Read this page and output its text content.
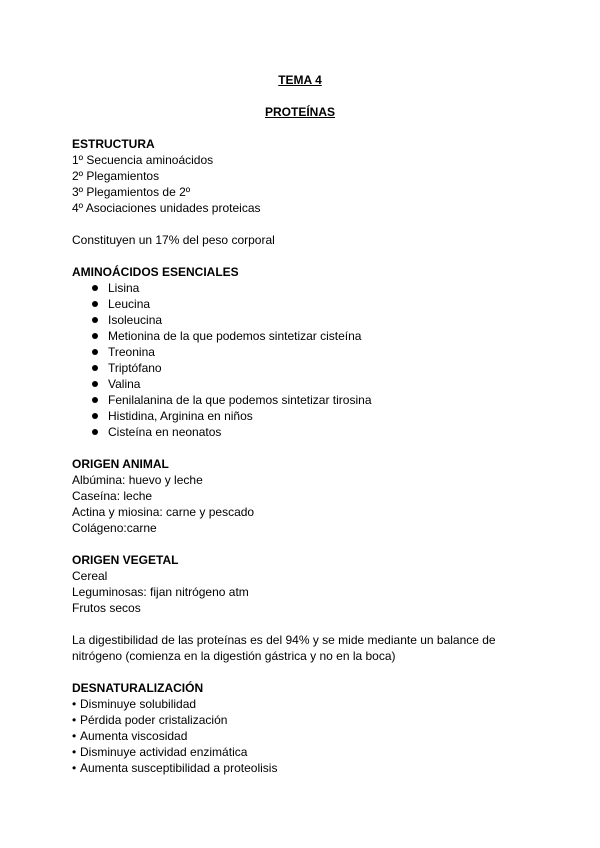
TEMA 4
PROTEÍNAS
ESTRUCTURA
1º Secuencia aminoácidos
2º Plegamientos
3º Plegamientos de 2º
4º Asociaciones unidades proteicas
Constituyen un 17% del peso corporal
AMINOÁCIDOS ESENCIALES
Lisina
Leucina
Isoleucina
Metionina de la que podemos sintetizar cisteína
Treonina
Triptófano
Valina
Fenilalanina de la que podemos sintetizar tirosina
Histidina, Arginina en niños
Cisteína en neonatos
ORIGEN ANIMAL
Albúmina: huevo y leche
Caseína: leche
Actina y miosina: carne y pescado
Colágeno:carne
ORIGEN VEGETAL
Cereal
Leguminosas: fijan nitrógeno atm
Frutos secos

La digestibilidad de las proteínas es del 94% y se mide mediante un balance de nitrógeno (comienza en la digestión gástrica y no en la boca)

DESNATURALIZACIÓN
• Disminuye solubilidad
• Pérdida poder cristalización
• Aumenta viscosidad
• Disminuye actividad enzimática
• Aumenta susceptibilidad a proteolisis
